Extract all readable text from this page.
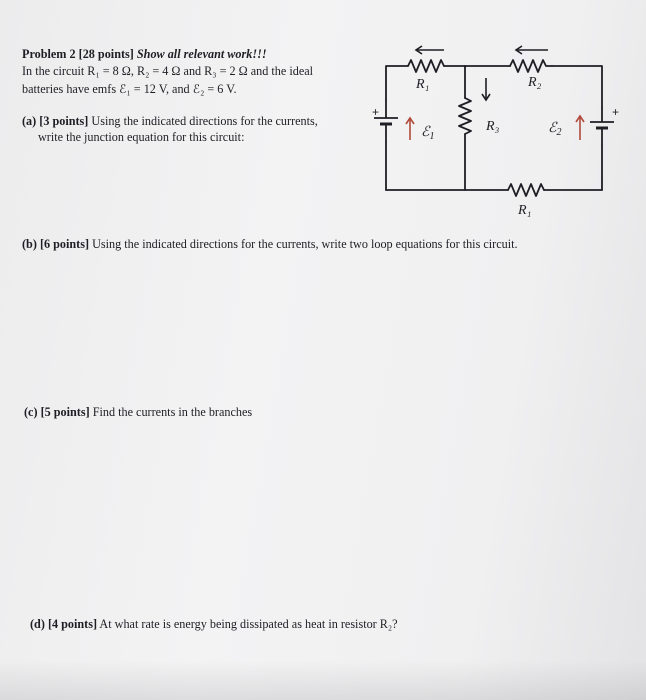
Problem 2 [28 points] Show all relevant work!!!
In the circuit R₁ = 8 Ω, R₂ = 4 Ω and R₃ = 2 Ω and the ideal
batteries have emfs ℰ₁ = 12 V, and ℰ₂ = 6 V.
(a) [3 points] Using the indicated directions for the currents,
write the junction equation for this circuit:
(b) [6 points] Using the indicated directions for the currents, write two loop equations for this circuit.
(c) [5 points] Find the currents in the branches
(d) [4 points] At what rate is energy being dissipated as heat in resistor R₂?
R₁	R₂
R₃
R₁
ℰ$_1$
ℰ$_2$
+	+
